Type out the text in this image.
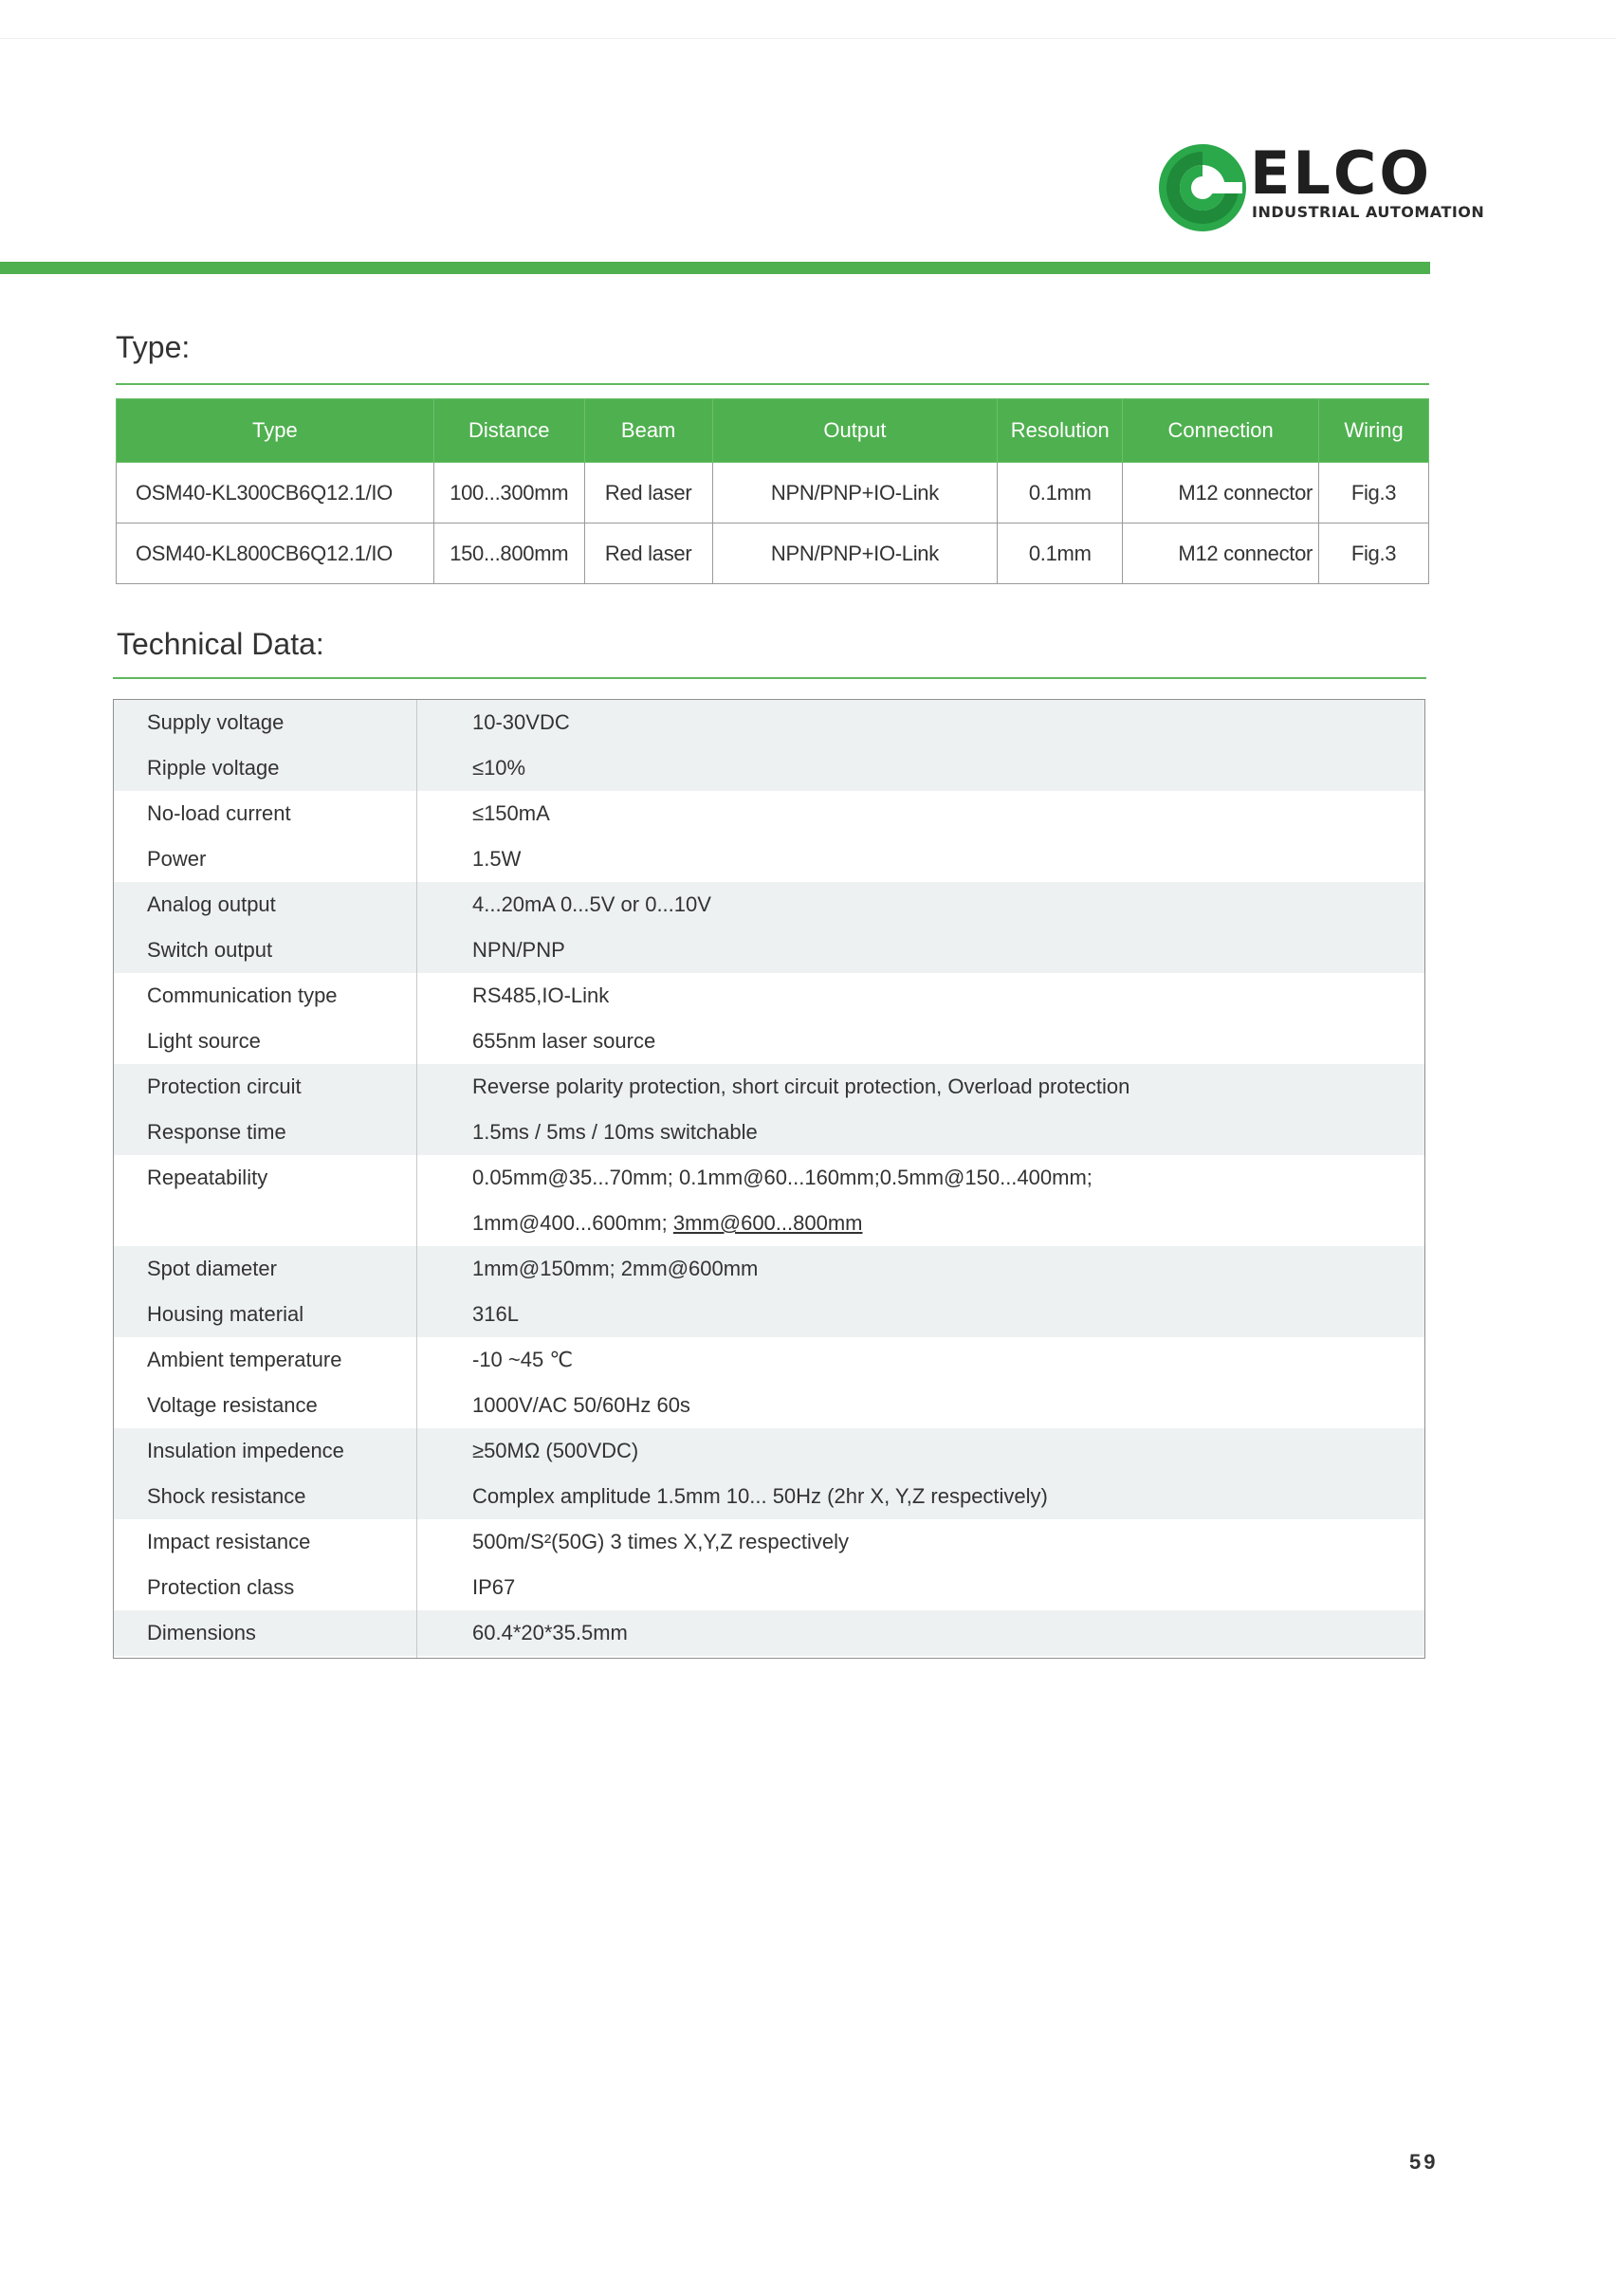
ELCO
INDUSTRIAL AUTOMATION
Type:
Type	Distance	Beam	Output	Resolution	Connection	Wiring
OSM40-KL300CB6Q12.1/IO	100...300mm	Red laser	NPN/PNP+IO-Link	0.1mm	M12 connector	Fig.3
OSM40-KL800CB6Q12.1/IO	150...800mm	Red laser	NPN/PNP+IO-Link	0.1mm	M12 connector	Fig.3
Technical Data:
Supply voltage	10-30VDC
Ripple voltage	≤10%
No-load current	≤150mA
Power	1.5W
Analog output	4...20mA 0...5V or 0...10V
Switch output	NPN/PNP
Communication type	RS485,IO-Link
Light source	655nm laser source
Protection circuit	Reverse polarity protection, short circuit protection, Overload protection
Response time	1.5ms / 5ms / 10ms switchable
Repeatability	0.05mm@35...70mm; 0.1mm@60...160mm;0.5mm@150...400mm;
1mm@400...600mm; 3mm@600...800mm
Spot diameter	1mm@150mm; 2mm@600mm
Housing material	316L
Ambient temperature	-10 ~45 ℃
Voltage resistance	1000V/AC 50/60Hz 60s
Insulation impedence	≥50MΩ (500VDC)
Shock resistance	Complex amplitude 1.5mm 10... 50Hz (2hr X, Y,Z respectively)
Impact resistance	500m/S²(50G) 3 times X,Y,Z respectively
Protection class	IP67
Dimensions	60.4*20*35.5mm
59
